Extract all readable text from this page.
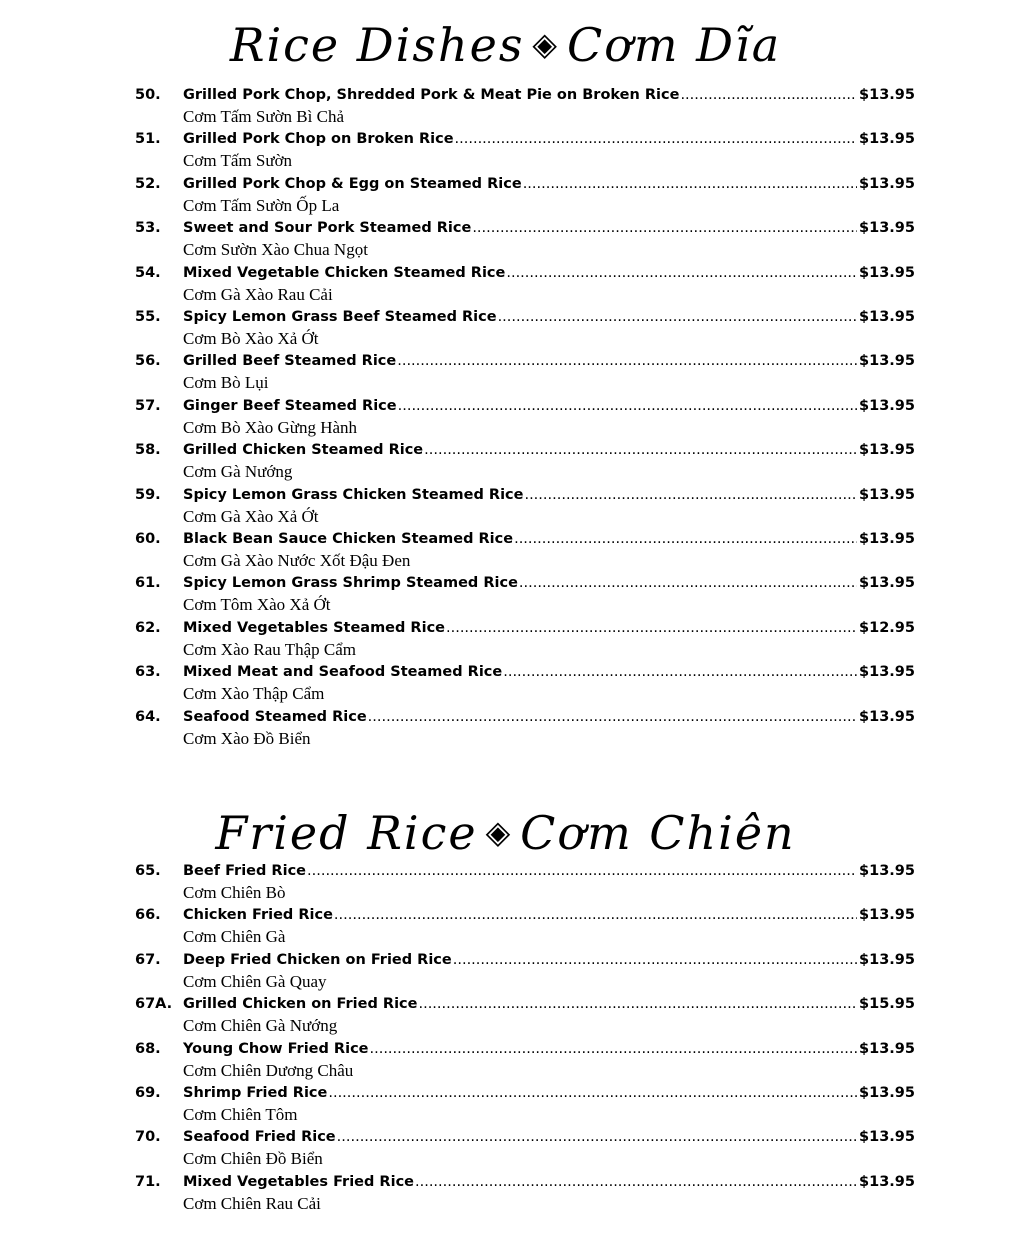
Rice Dishes ◈ Cơm Dĩa
50. Grilled Pork Chop, Shredded Pork & Meat Pie on Broken Rice .....	$13.95
Cơm Tấm Sườn Bì Chả
51. Grilled Pork Chop on Broken Rice .....	$13.95
Cơm Tấm Sườn
52. Grilled Pork Chop & Egg on Steamed Rice .....	$13.95
Cơm Tấm Sườn Ốp La
53. Sweet and Sour Pork Steamed Rice .....	$13.95
Cơm Sườn Xào Chua Ngọt
54. Mixed Vegetable Chicken Steamed Rice .....	$13.95
Cơm Gà Xào Rau Cải
55. Spicy Lemon Grass Beef Steamed Rice .....	$13.95
Cơm Bò Xào Xả Ớt
56. Grilled Beef Steamed Rice .....	$13.95
Cơm Bò Lụi
57. Ginger Beef Steamed Rice .....	$13.95
Cơm Bò Xào Gừng Hành
58. Grilled Chicken Steamed Rice .....	$13.95
Cơm Gà Nướng
59. Spicy Lemon Grass Chicken Steamed Rice .....	$13.95
Cơm Gà Xào Xả Ớt
60. Black Bean Sauce Chicken Steamed Rice .....	$13.95
Cơm Gà Xào Nước Xốt Đậu Đen
61. Spicy Lemon Grass Shrimp Steamed Rice .....	$13.95
Cơm Tôm Xào Xả Ớt
62. Mixed Vegetables Steamed Rice .....	$12.95
Cơm Xào Rau Thập Cẩm
63. Mixed Meat and Seafood Steamed Rice .....	$13.95
Cơm Xào Thập Cẩm
64. Seafood Steamed Rice .....	$13.95
Cơm Xào Đồ Biển
Fried Rice ◈ Cơm Chiên
65. Beef Fried Rice .....	$13.95
Cơm Chiên Bò
66. Chicken Fried Rice .....	$13.95
Cơm Chiên Gà
67. Deep Fried Chicken on Fried Rice .....	$13.95
Cơm Chiên Gà Quay
67A. Grilled Chicken on Fried Rice .....	$15.95
Cơm Chiên Gà Nướng
68. Young Chow Fried Rice .....	$13.95
Cơm Chiên Dương Châu
69. Shrimp Fried Rice .....	$13.95
Cơm Chiên Tôm
70. Seafood Fried Rice .....	$13.95
Cơm Chiên Đồ Biển
71. Mixed Vegetables Fried Rice .....	$13.95
Cơm Chiên Rau Cải
